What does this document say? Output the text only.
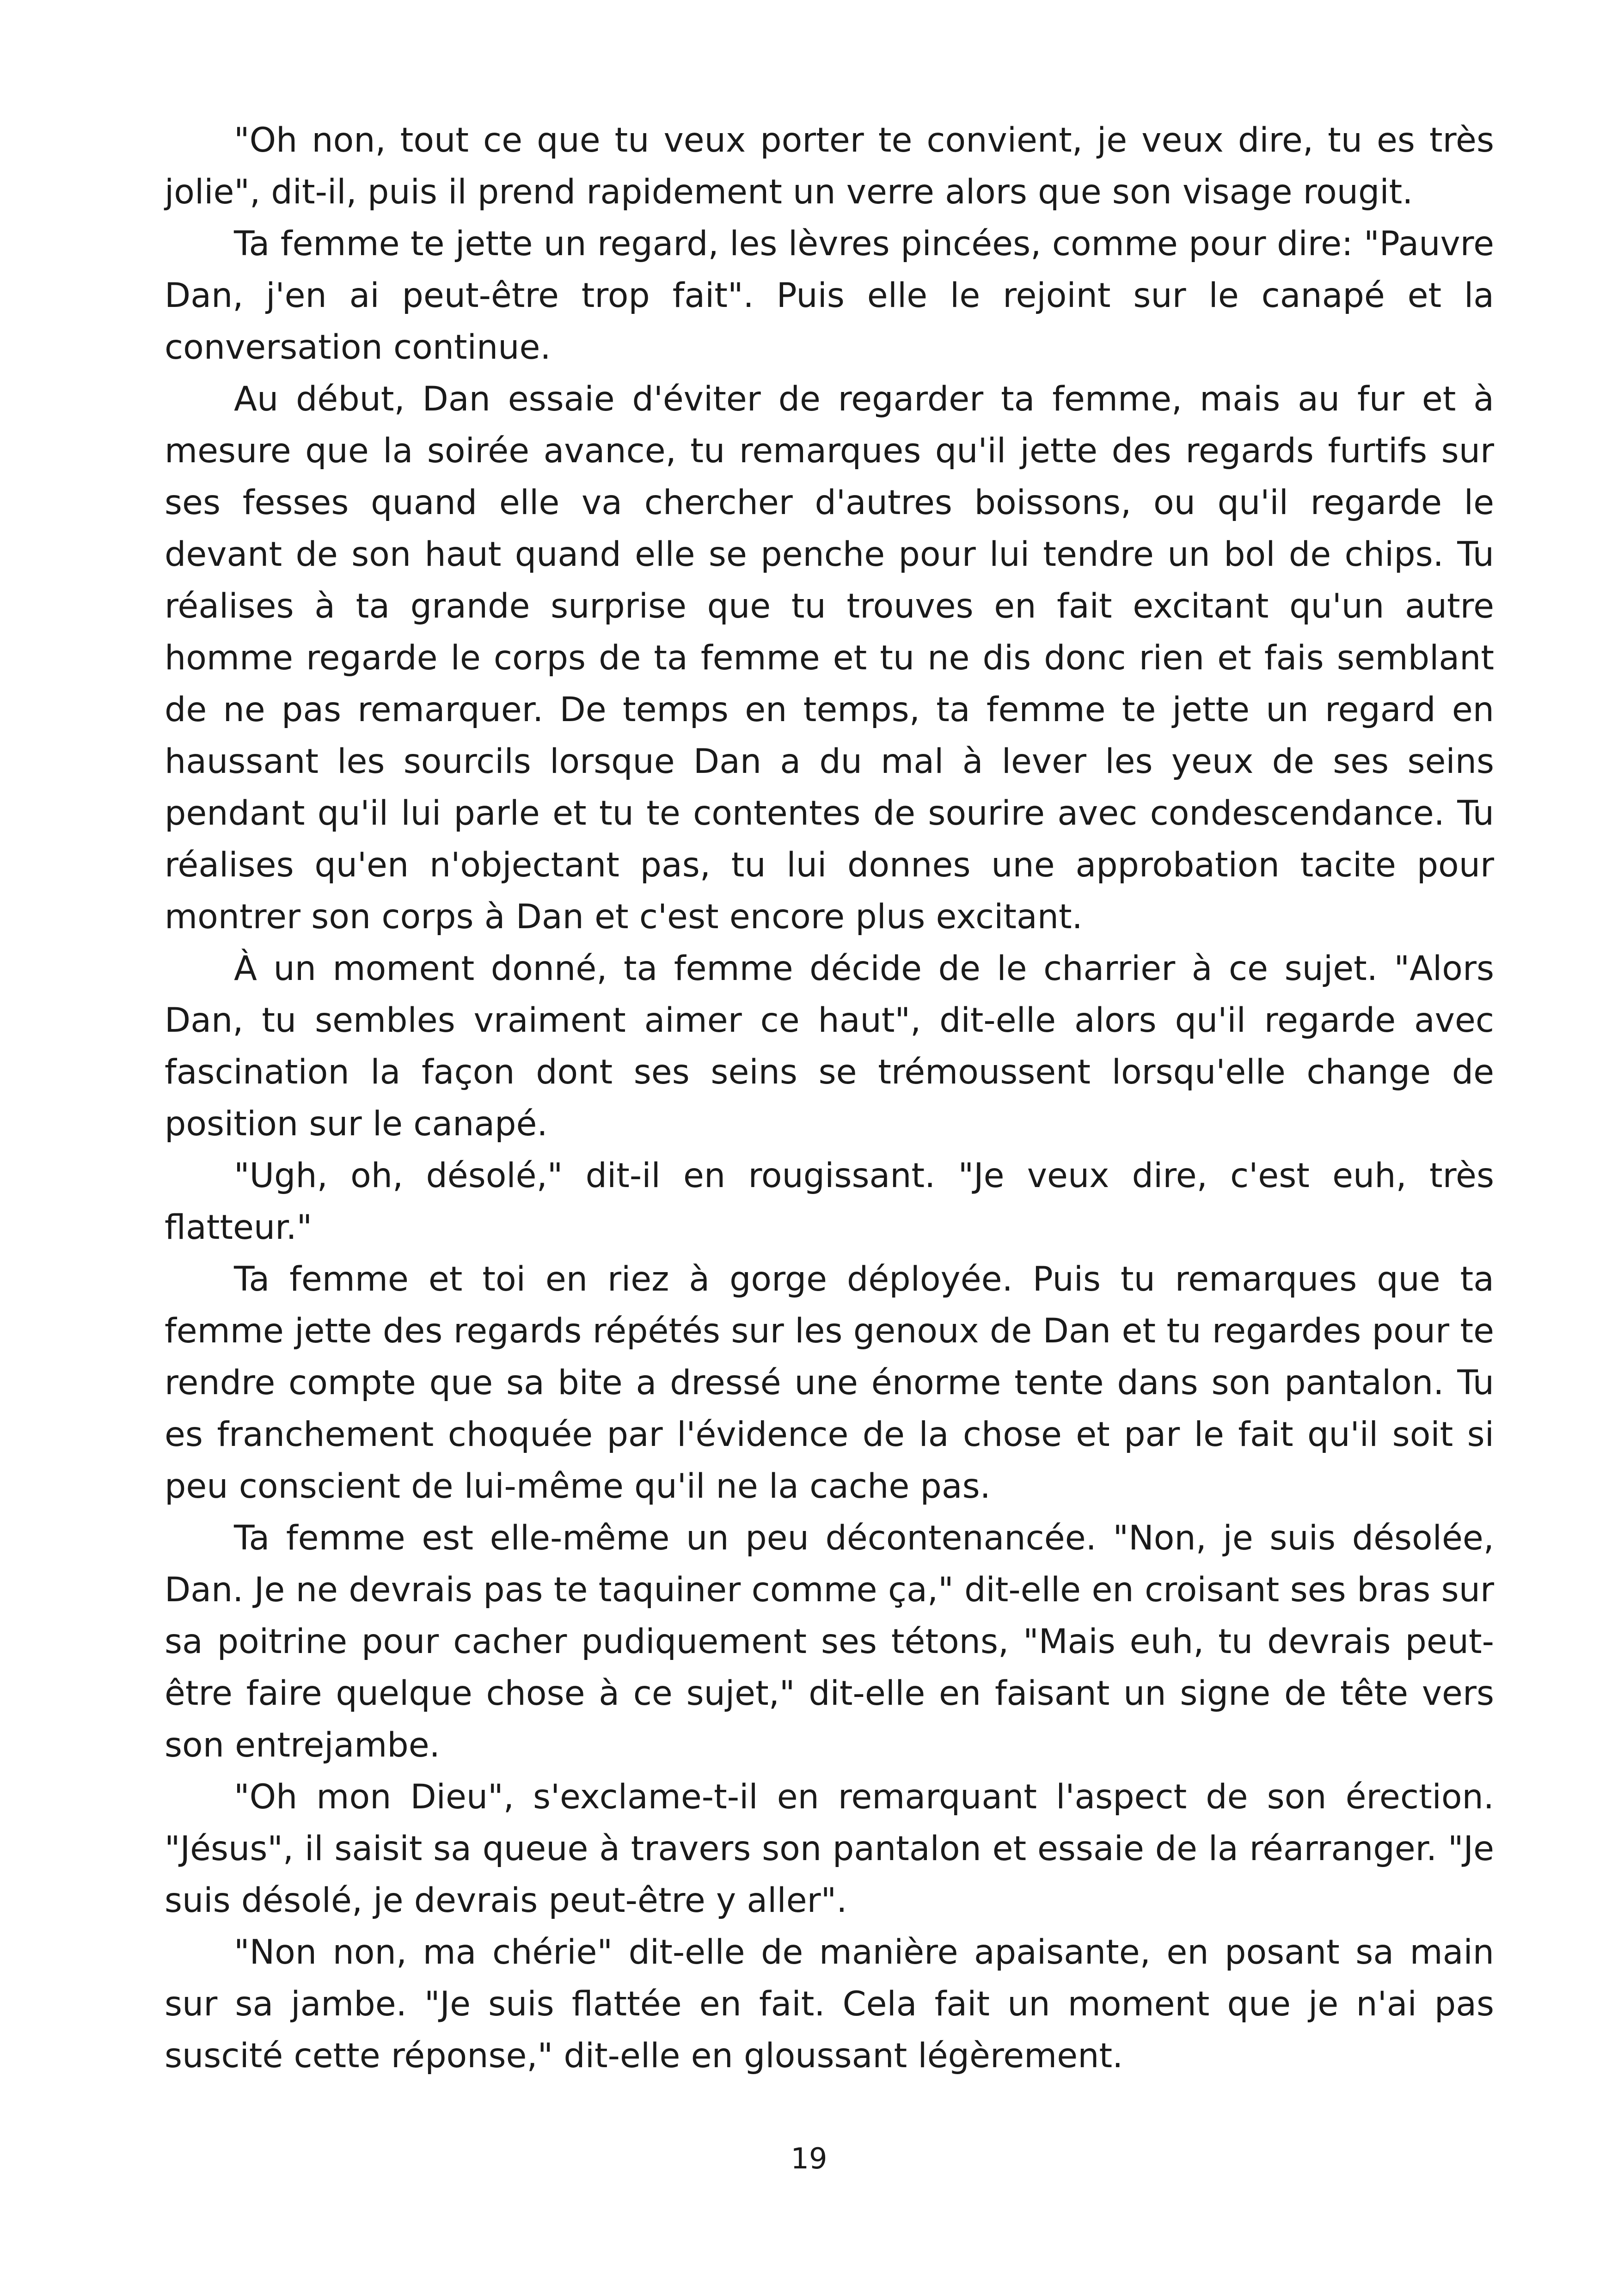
"Oh non, tout ce que tu veux porter te convient, je veux dire, tu es très jolie", dit-il, puis il prend rapidement un verre alors que son visage rougit.

Ta femme te jette un regard, les lèvres pincées, comme pour dire: "Pauvre Dan, j'en ai peut-être trop fait". Puis elle le rejoint sur le canapé et la conversation continue.

Au début, Dan essaie d'éviter de regarder ta femme, mais au fur et à mesure que la soirée avance, tu remarques qu'il jette des regards furtifs sur ses fesses quand elle va chercher d'autres boissons, ou qu'il regarde le devant de son haut quand elle se penche pour lui tendre un bol de chips. Tu réalises à ta grande surprise que tu trouves en fait excitant qu'un autre homme regarde le corps de ta femme et tu ne dis donc rien et fais semblant de ne pas remarquer. De temps en temps, ta femme te jette un regard en haussant les sourcils lorsque Dan a du mal à lever les yeux de ses seins pendant qu'il lui parle et tu te contentes de sourire avec condescendance. Tu réalises qu'en n'objectant pas, tu lui donnes une approbation tacite pour montrer son corps à Dan et c'est encore plus excitant.

À un moment donné, ta femme décide de le charrier à ce sujet. "Alors Dan, tu sembles vraiment aimer ce haut", dit-elle alors qu'il regarde avec fascination la façon dont ses seins se trémoussent lorsqu'elle change de position sur le canapé.

"Ugh, oh, désolé," dit-il en rougissant. "Je veux dire, c'est euh, très flatteur."

Ta femme et toi en riez à gorge déployée. Puis tu remarques que ta femme jette des regards répétés sur les genoux de Dan et tu regardes pour te rendre compte que sa bite a dressé une énorme tente dans son pantalon. Tu es franchement choquée par l'évidence de la chose et par le fait qu'il soit si peu conscient de lui-même qu'il ne la cache pas.

Ta femme est elle-même un peu décontenancée. "Non, je suis désolée, Dan. Je ne devrais pas te taquiner comme ça," dit-elle en croisant ses bras sur sa poitrine pour cacher pudiquement ses tétons, "Mais euh, tu devrais peut-être faire quelque chose à ce sujet," dit-elle en faisant un signe de tête vers son entrejambe.

"Oh mon Dieu", s'exclame-t-il en remarquant l'aspect de son érection. "Jésus", il saisit sa queue à travers son pantalon et essaie de la réarranger. "Je suis désolé, je devrais peut-être y aller".

"Non non, ma chérie" dit-elle de manière apaisante, en posant sa main sur sa jambe. "Je suis flattée en fait. Cela fait un moment que je n'ai pas suscité cette réponse," dit-elle en gloussant légèrement.

19
